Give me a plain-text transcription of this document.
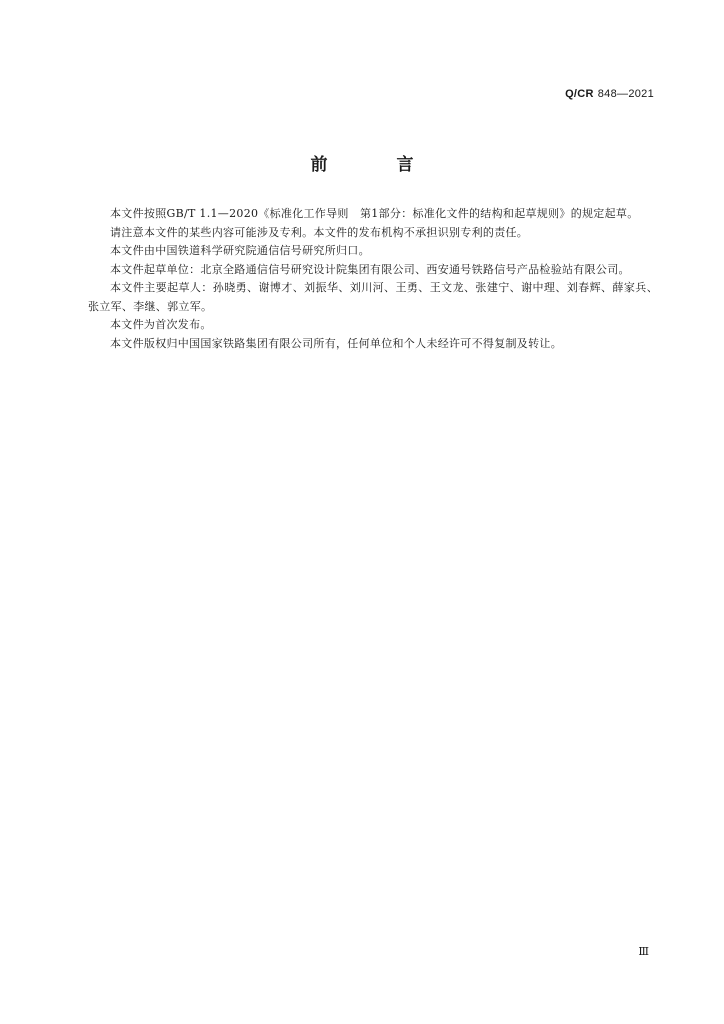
Q/CR 848—2021
前　言

本文件按照GB/T 1.1—2020《标准化工作导则　第1部分：标准化文件的结构和起草规则》的规定起草。

请注意本文件的某些内容可能涉及专利。本文件的发布机构不承担识别专利的责任。

本文件由中国铁道科学研究院通信信号研究所归口。

本文件起草单位：北京全路通信信号研究设计院集团有限公司、西安通号铁路信号产品检验站有限公司。

本文件主要起草人：孙晓勇、谢博才、刘振华、刘川河、王勇、王文龙、张建宁、谢中理、刘春辉、薛家兵、张立军、李继、郭立军。

本文件为首次发布。

本文件版权归中国国家铁路集团有限公司所有，任何单位和个人未经许可不得复制及转让。

Ⅲ
